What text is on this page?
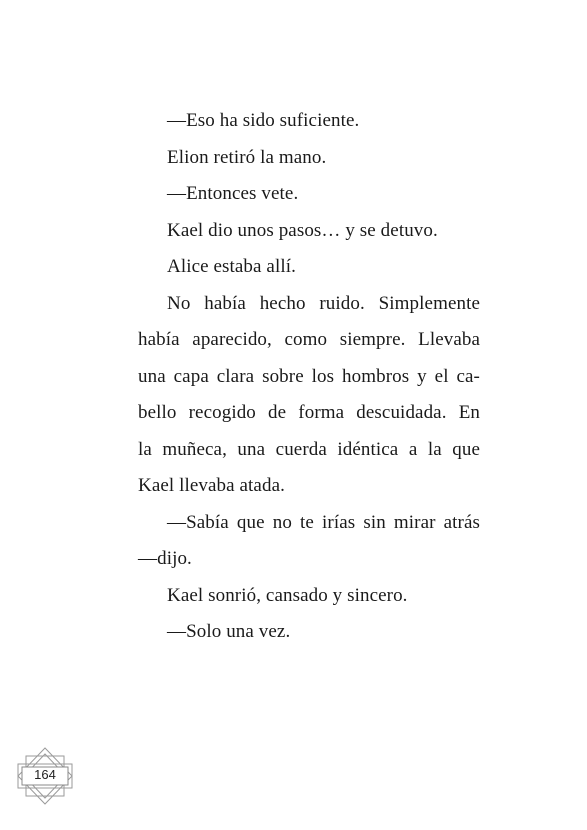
—Eso ha sido suficiente.
Elion retiró la mano.
—Entonces vete.
Kael dio unos pasos… y se detuvo.
Alice estaba allí.
No había hecho ruido. Simplemente
había aparecido, como siempre. Llevaba
una capa clara sobre los hombros y el ca-
bello recogido de forma descuidada. En
la muñeca, una cuerda idéntica a la que
Kael llevaba atada.
—Sabía que no te irías sin mirar atrás
—dijo.
Kael sonrió, cansado y sincero.
—Solo una vez.
164
